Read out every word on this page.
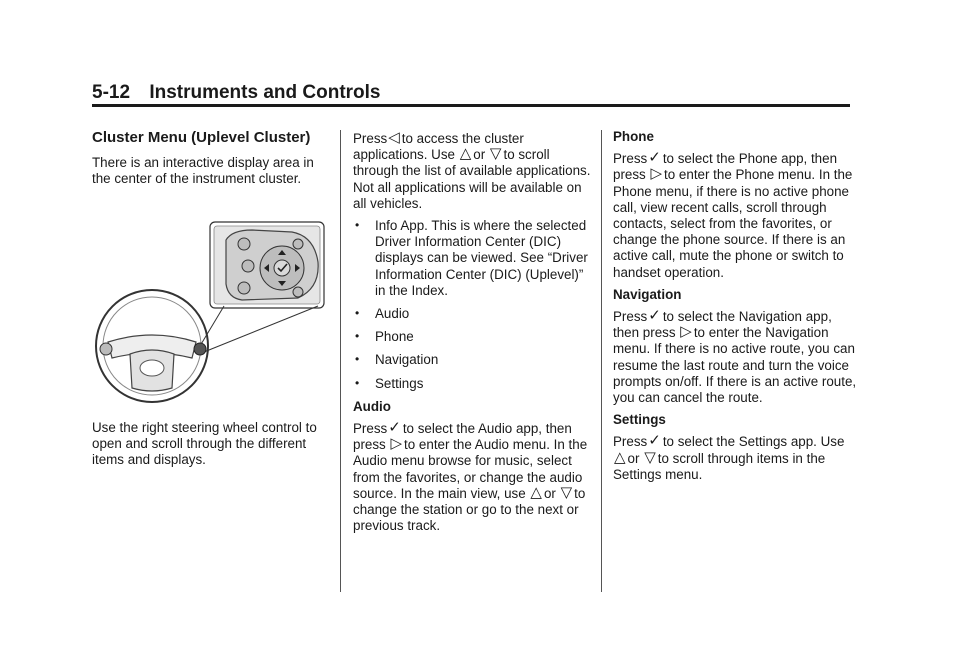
5-12 Instruments and Controls
Cluster Menu (Uplevel Cluster)

There is an interactive display area in the center of the instrument cluster.

Use the right steering wheel control to open and scroll through the different items and displays.

Press◁ to access the cluster applications. Use △ or ▽ to scroll through the list of available applications. Not all applications will be available on all vehicles.

• Info App. This is where the selected Driver Information Center (DIC) displays can be viewed. See “Driver Information Center (DIC) (Uplevel)” in the Index.
• Audio
• Phone
• Navigation
• Settings
Audio

Press✓ to select the Audio app, then press ▷ to enter the Audio menu. In the Audio menu browse for music, select from the favorites, or change the audio source. In the main view, use △ or ▽ to change the station or go to the next or previous track.

Phone

Press✓ to select the Phone app, then press ▷ to enter the Phone menu. In the Phone menu, if there is no active phone call, view recent calls, scroll through contacts, select from the favorites, or change the phone source. If there is an active call, mute the phone or switch to handset operation.

Navigation

Press✓ to select the Navigation app, then press ▷ to enter the Navigation menu. If there is no active route, you can resume the last route and turn the voice prompts on/off. If there is an active route, you can cancel the route.

Settings

Press✓ to select the Settings app. Use △ or ▽ to scroll through items in the Settings menu.
